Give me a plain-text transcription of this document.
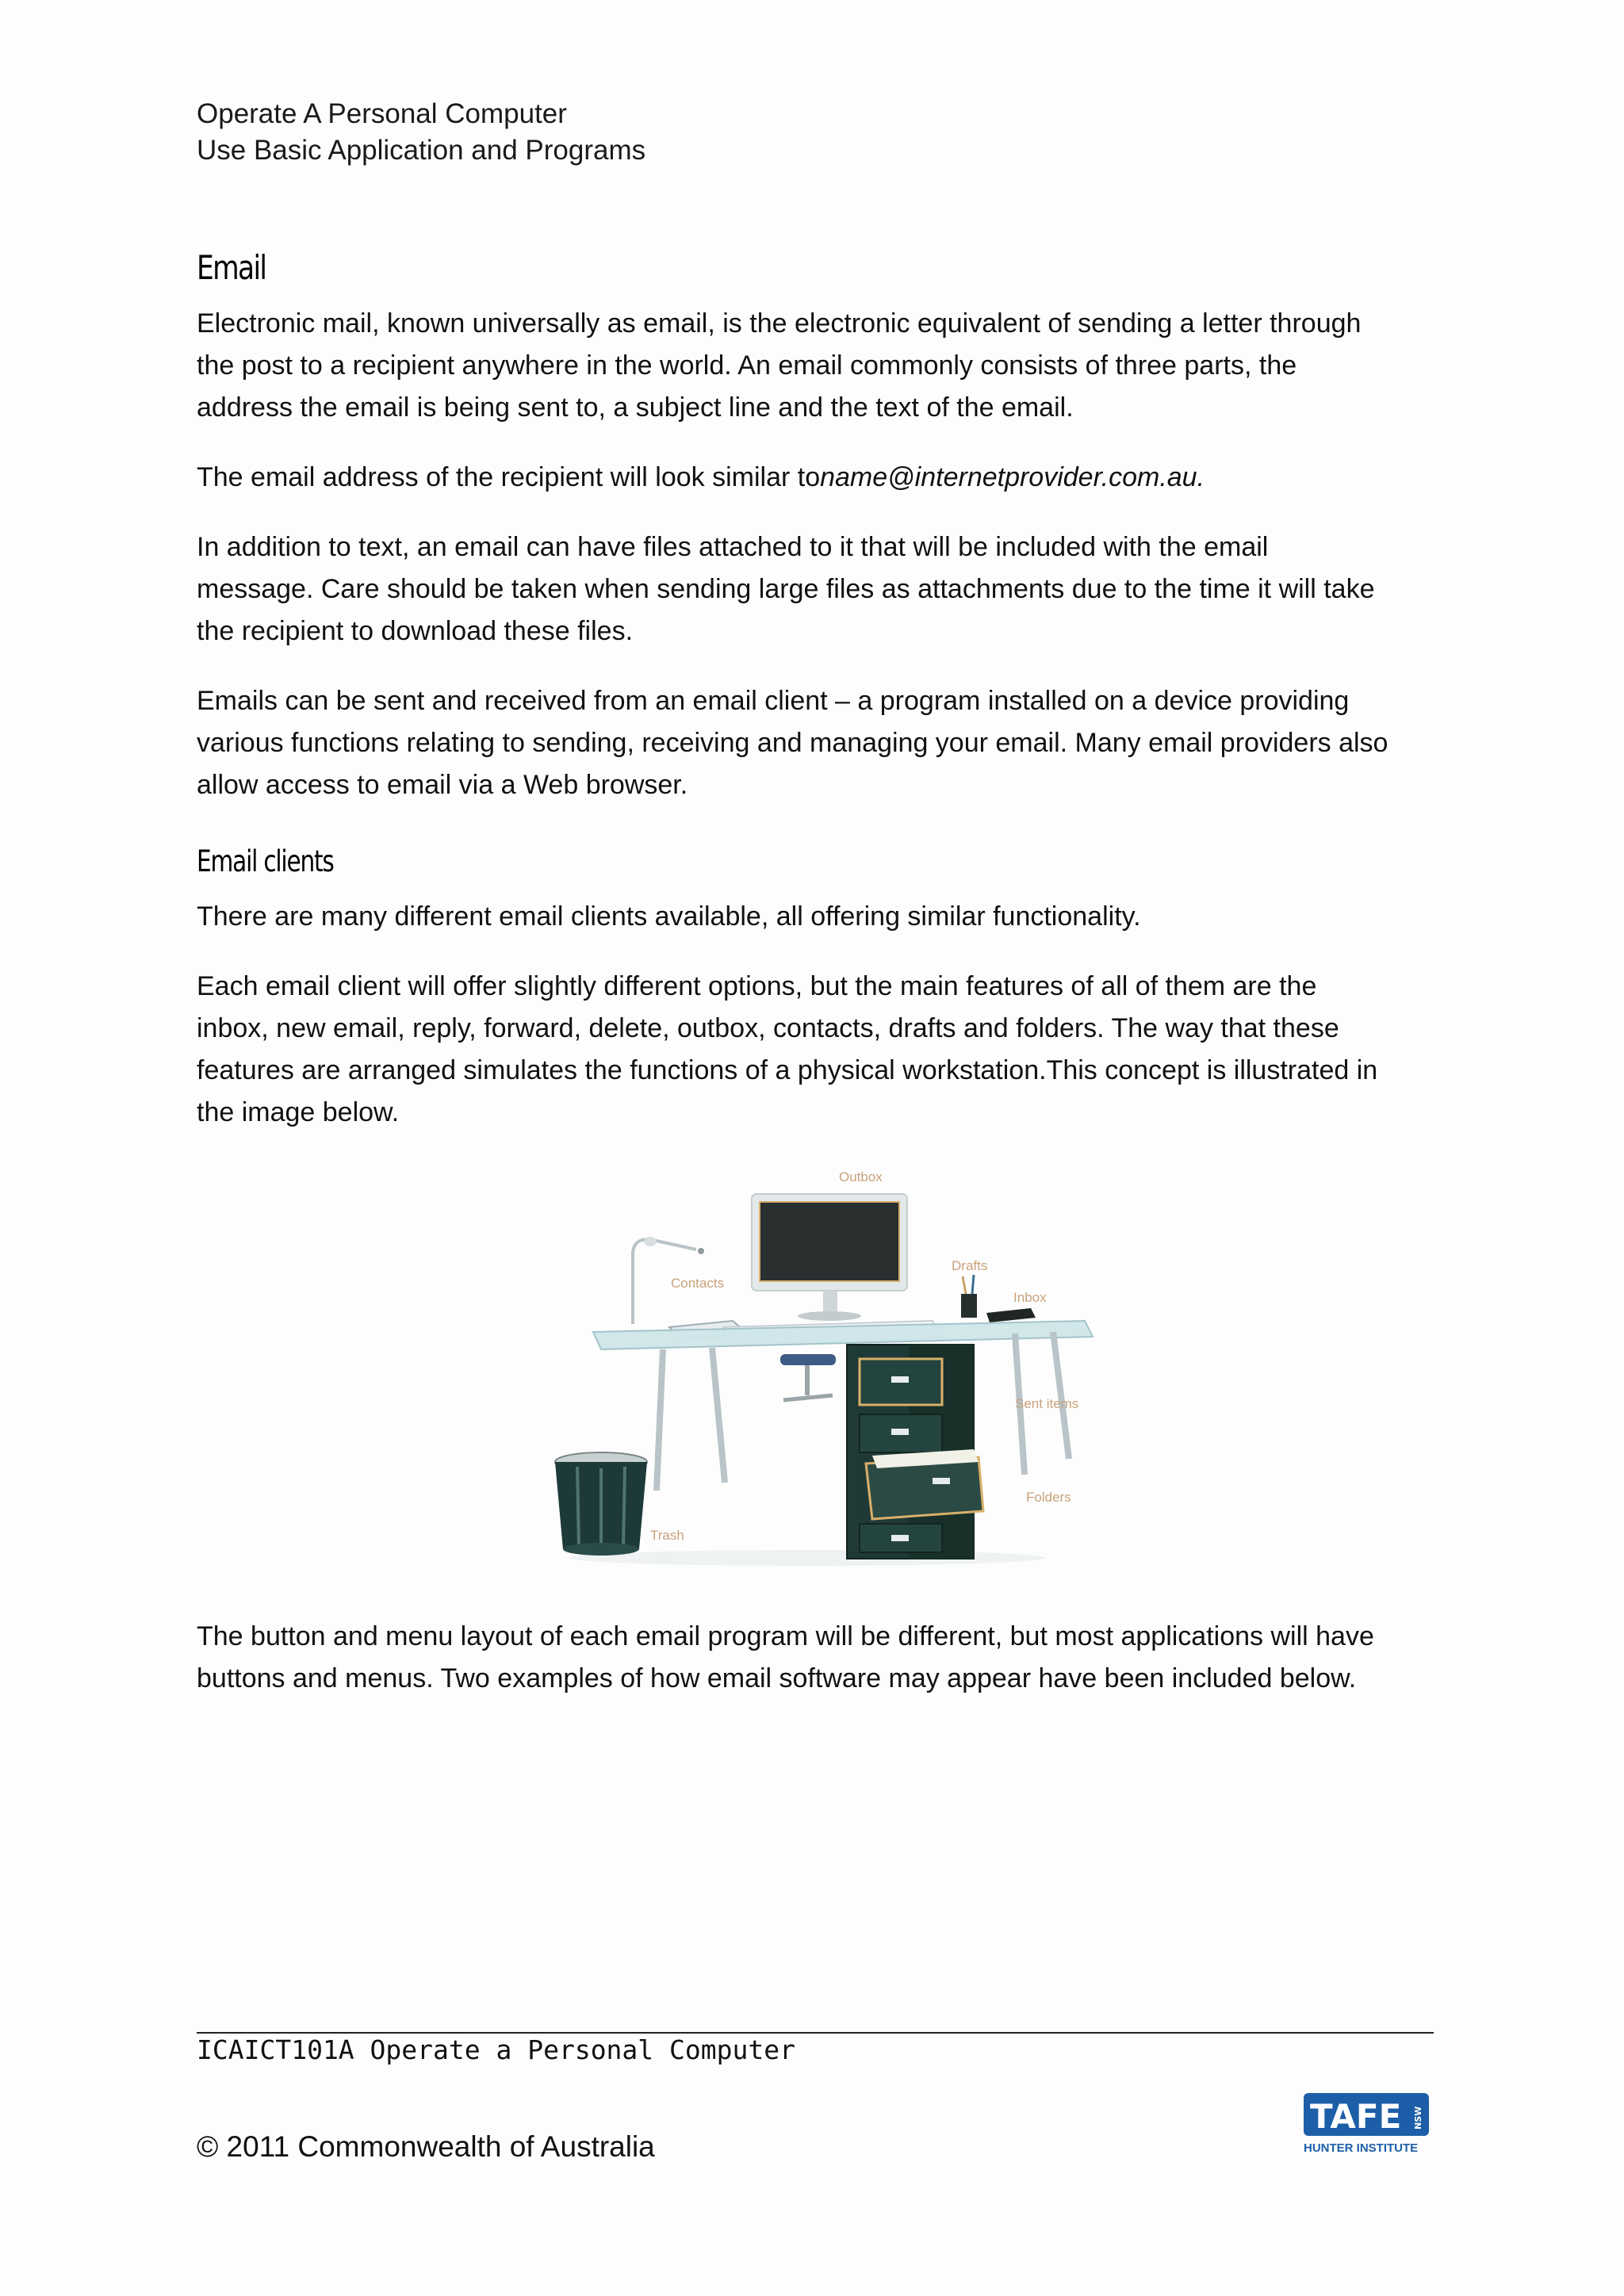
Operate A Personal Computer
Use Basic Application and Programs
Email
Electronic mail, known universally as email, is the electronic equivalent of sending a letter through
the post to a recipient anywhere in the world. An email commonly consists of three parts, the
address the email is being sent to, a subject line and the text of the email.
The email address of the recipient will look similar toname@internetprovider.com.au.
In addition to text, an email can have files attached to it that will be included with the email
message. Care should be taken when sending large files as attachments due to the time it will take
the recipient to download these files.
Emails can be sent and received from an email client – a program installed on a device providing
various functions relating to sending, receiving and managing your email. Many email providers also
allow access to email via a Web browser.
Email clients
There are many different email clients available, all offering similar functionality.
Each email client will offer slightly different options, but the main features of all of them are the
inbox, new email, reply, forward, delete, outbox, contacts, drafts and folders. The way that these
features are arranged simulates the functions of a physical workstation.This concept is illustrated in
the image below.
Outbox
Drafts
Inbox
Contacts
Sent items
Folders
Trash
The button and menu layout of each email program will be different, but most applications will have
buttons and menus. Two examples of how email software may appear have been included below.
ICAICT101A Operate a Personal Computer
© 2011 Commonwealth of Australia
TAFE NSW
HUNTER INSTITUTE
